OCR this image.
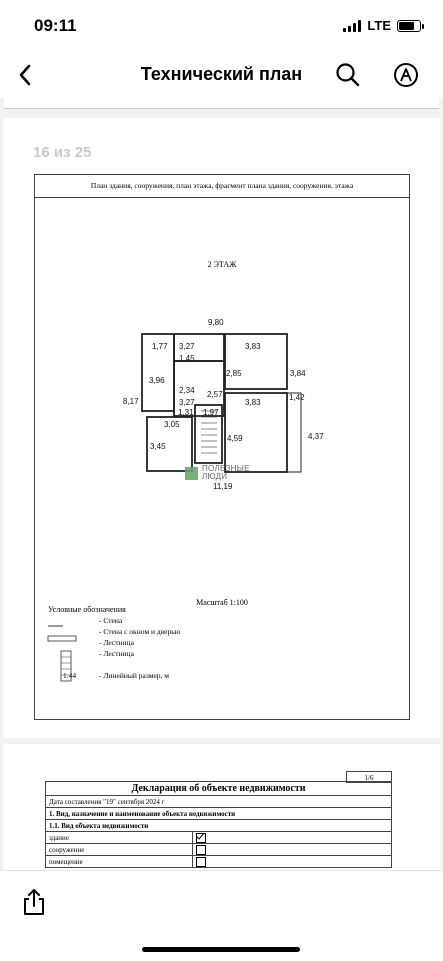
09:11	LTE
Технический план
16 из 25
План здания, сооружения, план этажа, фрагмент плана здания, сооружения, этажа
2 ЭТАЖ
9,80
1,77 3,27
1,45
3,83
3,96
2,85	3,84
2,34 2,57
8,17	3,27	3,83
1,42
1,31 1,97
3,05
4,59
3,45
4,37
11,19
ПОЛЕЗНЫЕ
ЛЮДИ
Масштаб 1:100
Условные обозначения
- Стена
- Стена с окном и дверью
- Лестница
- Лестница
1.44	- Линейный размер, м
1/6
Декларация об объекте недвижимости
Дата составления "19" сентября 2024 г	
1. Вид, назначение и наименование объекта недвижимости	
1.1. Вид объекта недвижимости	
здание	
сооружение	
помещение	
